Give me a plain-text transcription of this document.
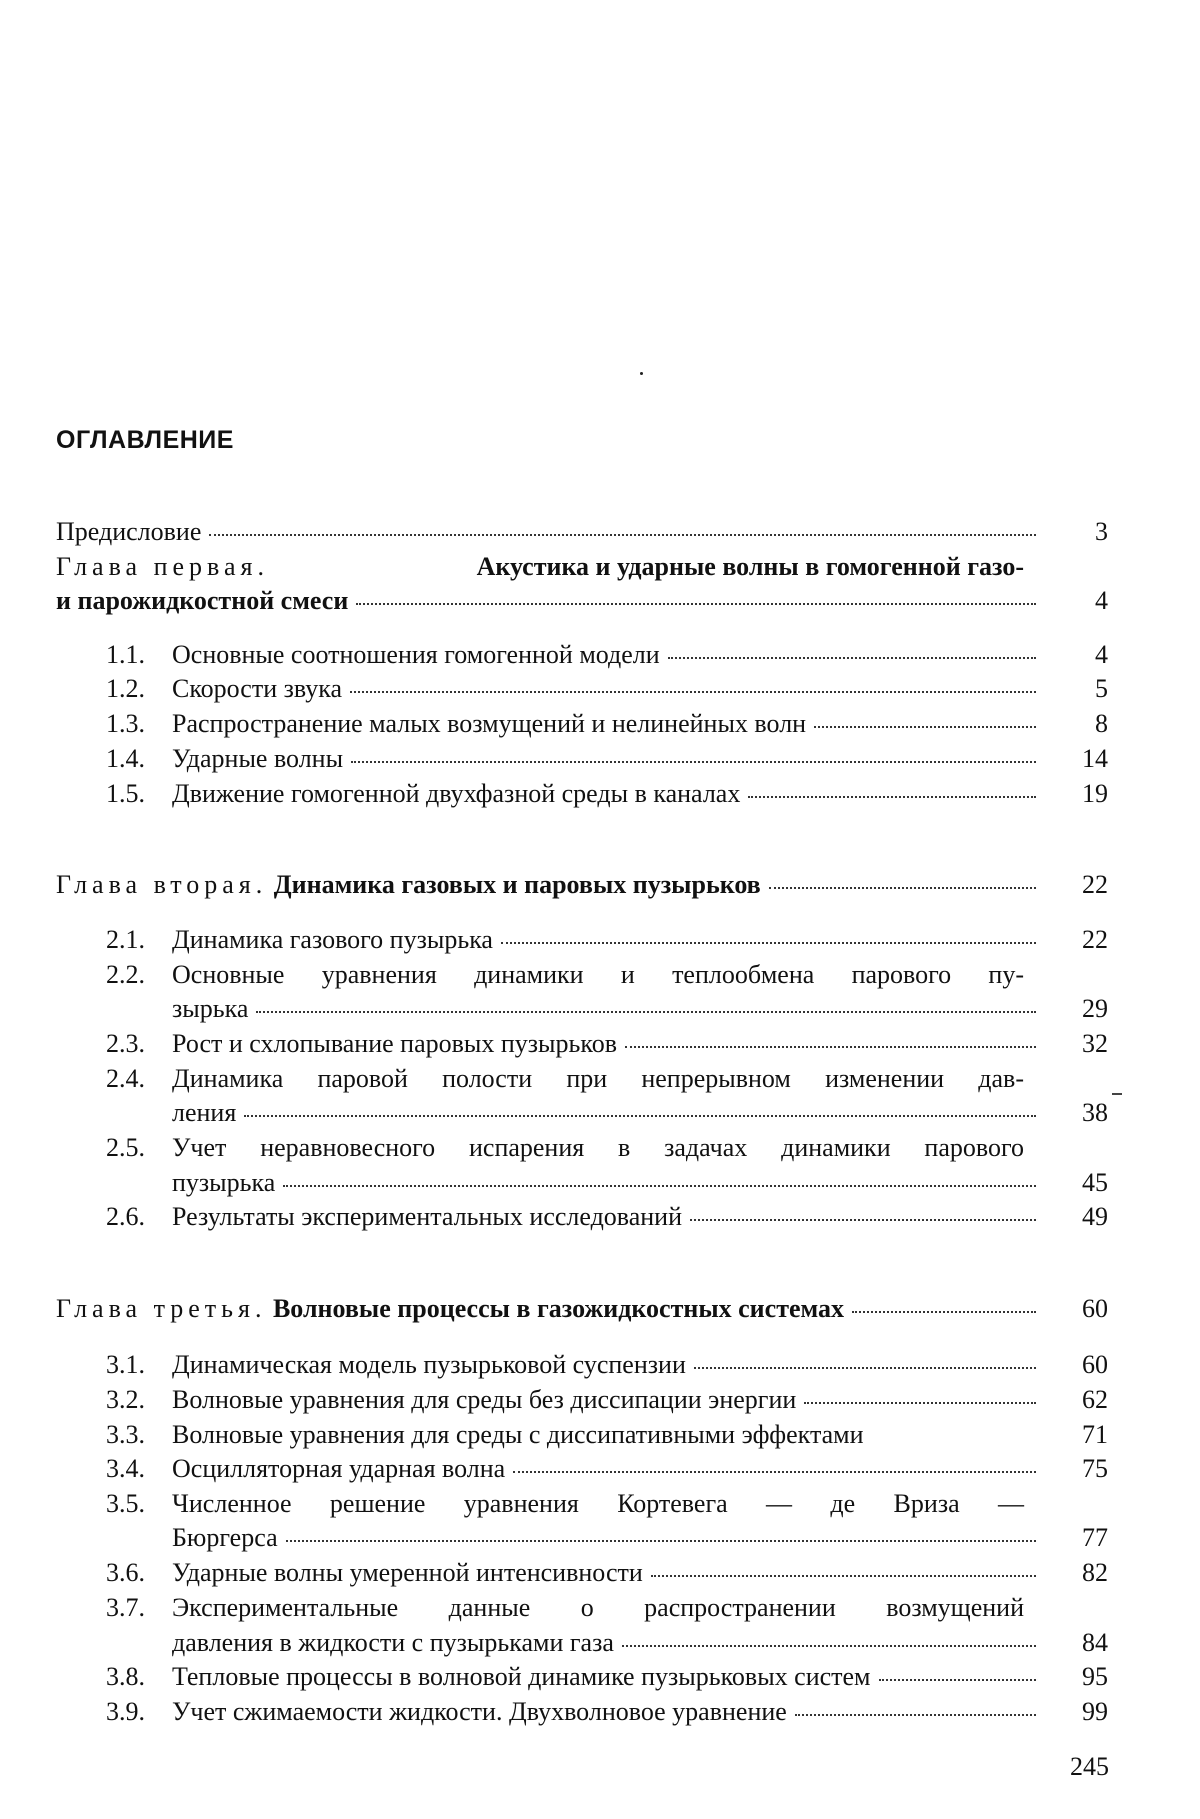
ОГЛАВЛЕНИЕ
Предисловие	3
Глава первая.	Акустика и ударные волны в гомогенной газо-
и парожидкостной смеси	4
1.1.	Основные соотношения гомогенной модели	4
1.2.	Скорости звука	5
1.3.	Распространение малых возмущений и нелинейных волн	8
1.4.	Ударные волны	14
1.5.	Движение гомогенной двухфазной среды в каналах	19
Глава вторая. Динамика газовых и паровых пузырьков	22
2.1.	Динамика газового пузырька	22
2.2.	Основные уравнения динамики и теплообмена парового пу-
зырька	29
2.3.	Рост и схлопывание паровых пузырьков	32
2.4.	Динамика паровой полости при непрерывном изменении дав-
ления	38
2.5.	Учет неравновесного испарения в задачах динамики парового
пузырька	45
2.6.	Результаты экспериментальных исследований	49
Глава третья. Волновые процессы в газожидкостных системах	60
3.1.	Динамическая модель пузырьковой суспензии	60
3.2.	Волновые уравнения для среды без диссипации энергии	62
3.3.	Волновые уравнения для среды с диссипативными эффектами	71
3.4.	Осцилляторная ударная волна	75
3.5.	Численное решение уравнения Кортевега — де Вриза —
Бюргерса	77
3.6.	Ударные волны умеренной интенсивности	82
3.7.	Экспериментальные данные о распространении возмущений
давления в жидкости с пузырьками газа	84
3.8.	Тепловые процессы в волновой динамике пузырьковых систем	95
3.9.	Учет сжимаемости жидкости. Двухволновое уравнение	99
245
